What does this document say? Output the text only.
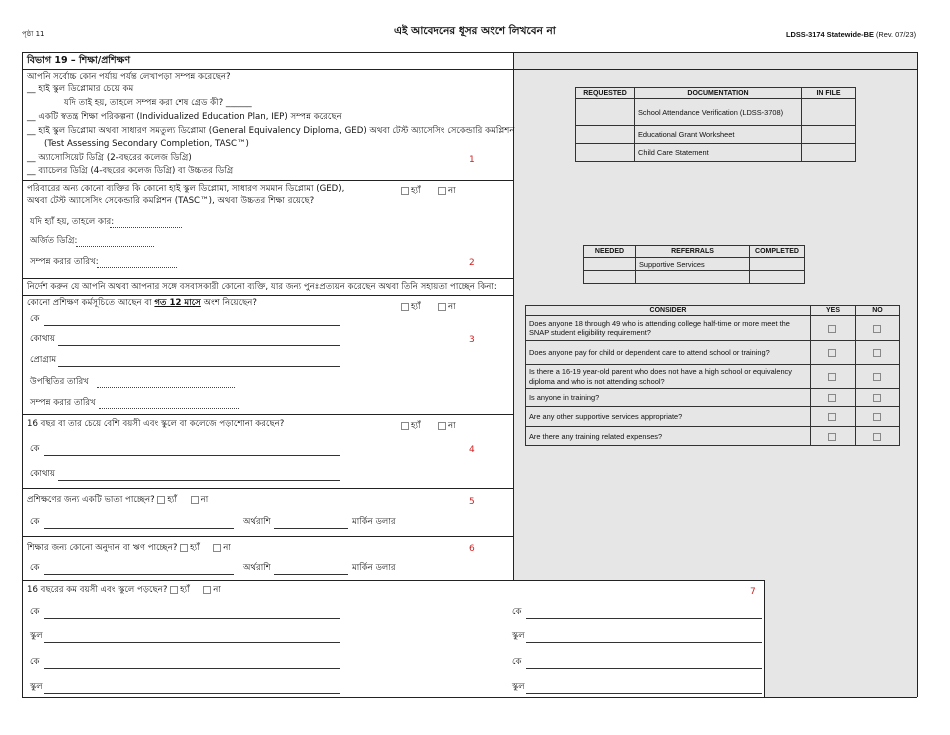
পৃষ্ঠা 11	এই আবেদনের ধূসর অংশে লিখবেন না	LDSS-3174 Statewide-BE (Rev. 07/23)
বিভাগ 19 – শিক্ষা/প্রশিক্ষণ
আপনি সর্বোচ্চ কোন পর্যায় পর্যন্ত লেখাপড়া সম্পন্ন করেছেন?
__ হাই স্কুল ডিপ্লোমার চেয়ে কম
যদি তাই হয়, তাহলে সম্পন্ন করা শেষ গ্রেড কী? ______
__ একটি স্বতন্ত্র শিক্ষা পরিকল্পনা (Individualized Education Plan, IEP) সম্পন্ন করেছেন
__ হাই স্কুল ডিপ্লোমা অথবা সাধারণ সমতুল্য ডিপ্লোমা (General Equivalency Diploma, GED) অথবা টেস্ট অ্যাসেসিং সেকেন্ডারি কমপ্লিশন
(Test Assessing Secondary Completion, TASC™)
__ অ্যাসোসিয়েট ডিগ্রি (2-বছরের কলেজ ডিগ্রি)
__ ব্যাচেলর ডিগ্রি (4-বছরের কলেজ ডিগ্রি) বা উচ্চতর ডিগ্রি
1
পরিবারের অন্য কোনো ব্যক্তির কি কোনো হাই স্কুল ডিপ্লোমা, সাধারণ সমমান ডিপ্লোমা (GED),
অথবা টেস্ট অ্যাসেসিং সেকেন্ডারি কমপ্লিশন (TASC™), অথবা উচ্চতর শিক্ষা রয়েছে?
হ্যাঁ	না
যদি হ্যাঁ হয়, তাহলে কার:
অর্জিত ডিগ্রি:
সম্পন্ন করার তারিখ:	2
নির্দেশ করুন যে আপনি অথবা আপনার সঙ্গে বসবাসকারী কোনো ব্যক্তি, যার জন্য পুনঃপ্রত্যয়ন করেছেন অথবা তিনি সহায়তা পাচ্ছেন কিনা:
কোনো প্রশিক্ষণ কর্মসূচিতে আছেন বা গত 12 মাসে অংশ নিয়েছেন?	হ্যাঁ	না
কে
কোথায়
প্রোগ্রাম
উপস্থিতির তারিখ
সম্পন্ন করার তারিখ
3
16 বছর বা তার চেয়ে বেশি বয়সী এবং স্কুলে বা কলেজে পড়াশোনা করছেন?	হ্যাঁ	না
কে
কোথায়
4
প্রশিক্ষণের জন্য একটি ভাতা পাচ্ছেন? হ্যাঁ	না
কে	অর্থরাশি	মার্কিন ডলার
5
শিক্ষার জন্য কোনো অনুদান বা ঋণ পাচ্ছেন? হ্যাঁ	না
কে	অর্থরাশি	মার্কিন ডলার
6
16 বছরের কম বয়সী এবং স্কুলে পড়ছেন? হ্যাঁ	না	7
কে
স্কুল
কে
স্কুল
কে
স্কুল
কে
স্কুল
REQUESTED	DOCUMENTATION	IN FILE
	School Attendance Verification (LDSS-3708)	
	Educational Grant Worksheet	
	Child Care Statement	
NEEDED	REFERRALS	COMPLETED
	Supportive Services	

CONSIDER	YES	NO
Does anyone 18 through 49 who is attending college half-time or more meet the SNAP student eligibility requirement?		
Does anyone pay for child or dependent care to attend school or training?		
Is there a 16-19 year-old parent who does not have a high school or equivalency diploma and who is not attending school?		
Is anyone in training?		
Are any other supportive services appropriate?		
Are there any training related expenses?		
